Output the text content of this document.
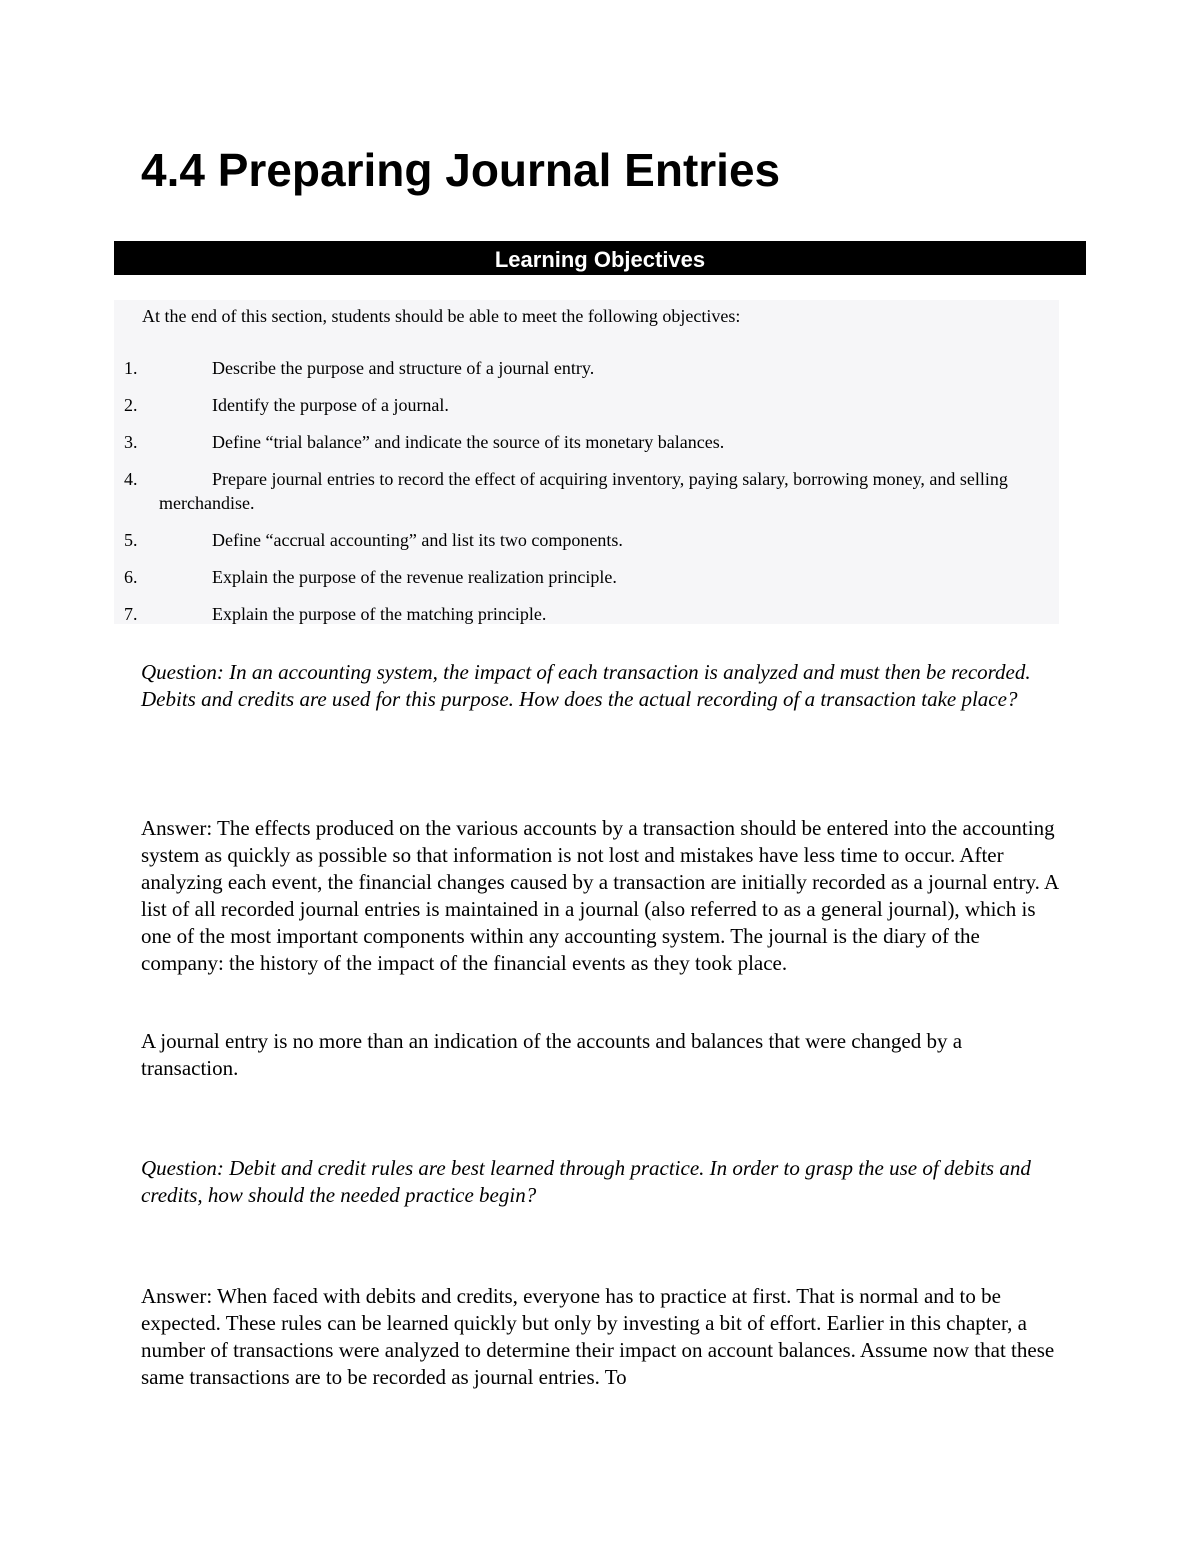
4.4 Preparing Journal Entries
Learning Objectives

At the end of this section, students should be able to meet the following objectives:

1.	Describe the purpose and structure of a journal entry.
2.	Identify the purpose of a journal.
3.	Define “trial balance” and indicate the source of its monetary balances.
4.	Prepare journal entries to record the effect of acquiring inventory, paying salary, borrowing money, and selling merchandise.
5.	Define “accrual accounting” and list its two components.
6.	Explain the purpose of the revenue realization principle.
7.	Explain the purpose of the matching principle.

Question: In an accounting system, the impact of each transaction is analyzed and must then be recorded. Debits and credits are used for this purpose. How does the actual recording of a transaction take place?

Answer: The effects produced on the various accounts by a transaction should be entered into the accounting system as quickly as possible so that information is not lost and mistakes have less time to occur. After analyzing each event, the financial changes caused by a transaction are initially recorded as a journal entry. A list of all recorded journal entries is maintained in a journal (also referred to as a general journal), which is one of the most important components within any accounting system. The journal is the diary of the company: the history of the impact of the financial events as they took place.

A journal entry is no more than an indication of the accounts and balances that were changed by a transaction.

Question: Debit and credit rules are best learned through practice. In order to grasp the use of debits and credits, how should the needed practice begin?

Answer: When faced with debits and credits, everyone has to practice at first. That is normal and to be expected. These rules can be learned quickly but only by investing a bit of effort. Earlier in this chapter, a number of transactions were analyzed to determine their impact on account balances. Assume now that these same transactions are to be recorded as journal entries. To
